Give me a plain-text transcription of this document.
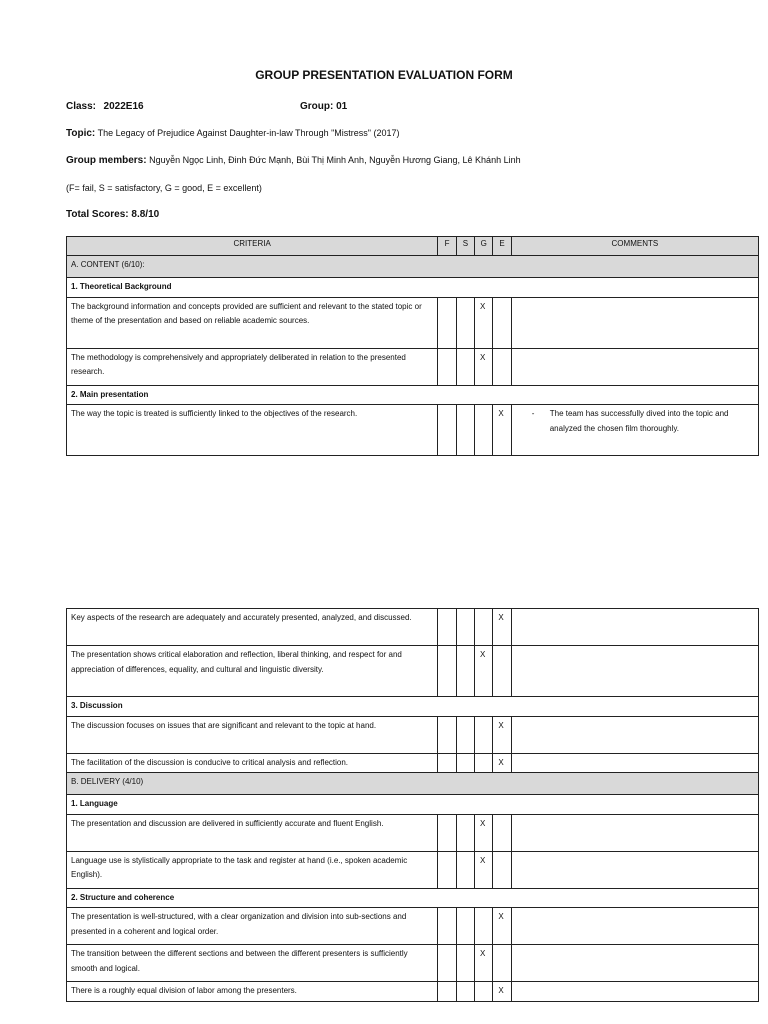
GROUP PRESENTATION EVALUATION FORM
Class: 2022E16	Group: 01
Topic: The Legacy of Prejudice Against Daughter-in-law Through "Mistress" (2017)
Group members: Nguyễn Ngọc Linh, Đinh Đức Mạnh, Bùi Thị Minh Anh, Nguyễn Hương Giang, Lê Khánh Linh
(F= fail, S = satisfactory, G = good, E = excellent)
Total Scores: 8.8/10
CRITERIA	F	S	G	E	COMMENTS
A. CONTENT (6/10):					
1. Theoretical Background					
The background information and concepts provided are sufficient and relevant to the stated topic or theme of the presentation and based on reliable academic sources.			X		
The methodology is comprehensively and appropriately deliberated in relation to the presented research.			X		
2. Main presentation					
The way the topic is treated is sufficiently linked to the objectives of the research.				X	- The team has successfully dived into the topic and analyzed the chosen film thoroughly.
Key aspects of the research are adequately and accurately presented, analyzed, and discussed.				X	
The presentation shows critical elaboration and reflection, liberal thinking, and respect for and appreciation of differences, equality, and cultural and linguistic diversity.			X		
3. Discussion					
The discussion focuses on issues that are significant and relevant to the topic at hand.				X	
The facilitation of the discussion is conducive to critical analysis and reflection.				X	
B. DELIVERY (4/10)					
1. Language					
The presentation and discussion are delivered in sufficiently accurate and fluent English.			X		
Language use is stylistically appropriate to the task and register at hand (i.e., spoken academic English).			X		
2. Structure and coherence					
The presentation is well-structured, with a clear organization and division into sub-sections and presented in a coherent and logical order.				X	
The transition between the different sections and between the different presenters is sufficiently smooth and logical.			X		
There is a roughly equal division of labor among the presenters.				X	
